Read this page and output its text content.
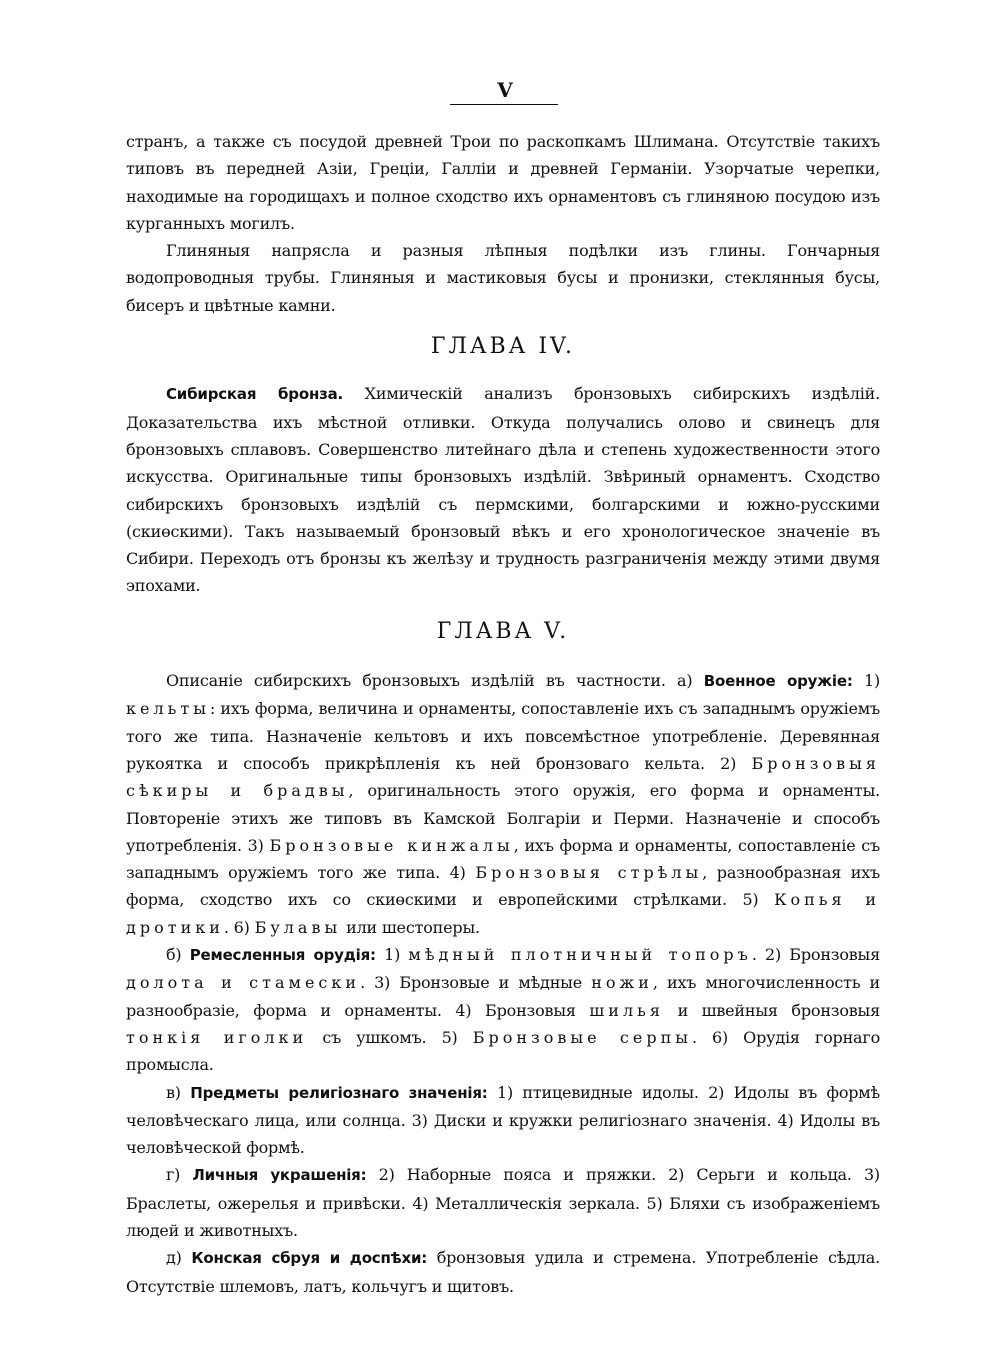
V

странъ, а также съ посудой древней Трои по раскопкамъ Шлимана. Отсутствіе такихъ типовъ въ передней Азіи, Греціи, Галліи и древней Германіи. Узорчатые черепки, находимые на городищахъ и полное сходство ихъ орнаментовъ съ глиняною посудою изъ курганныхъ могилъ.

Глиняныя напрясла и разныя лѣпныя подѣлки изъ глины. Гончарныя водопроводныя трубы. Глиняныя и мастиковыя бусы и пронизки, стеклянныя бусы, бисеръ и цвѣтные камни.

ГЛАВА IV.

Сибирская бронза. Химическій анализъ бронзовыхъ сибирскихъ издѣлій. Доказательства ихъ мѣстной отливки. Откуда получались олово и свинецъ для бронзовыхъ сплавовъ. Совершенство литейнаго дѣла и степень художественности этого искусства. Оригинальные типы бронзовыхъ издѣлій. Звѣриный орнаментъ. Сходство сибирскихъ бронзовыхъ издѣлій съ пермскими, болгарскими и южно-русскими (скиөскими). Такъ называемый бронзовый вѣкъ и его хронологическое значеніе въ Сибири. Переходъ отъ бронзы къ желѣзу и трудность разграниченія между этими двумя эпохами.

ГЛАВА V.

Описаніе сибирскихъ бронзовыхъ издѣлій въ частности. а) Военное оружіе: 1) кельты: ихъ форма, величина и орнаменты, сопоставленіе ихъ съ западнымъ оружіемъ того же типа. Назначеніе кельтовъ и ихъ повсемѣстное употребленіе. Деревянная рукоятка и способъ прикрѣпленія къ ней бронзоваго кельта. 2) Бронзовыя сѣкиры и брадвы, оригинальность этого оружія, его форма и орнаменты. Повтореніе этихъ же типовъ въ Камской Болгаріи и Перми. Назначеніе и способъ употребленія. 3) Бронзовые кинжалы, ихъ форма и орнаменты, сопоставленіе съ западнымъ оружіемъ того же типа. 4) Бронзовыя стрѣлы, разнообразная ихъ форма, сходство ихъ со скиөскими и европейскими стрѣлками. 5) Копья и дротики. 6) Булавы или шестоперы.

б) Ремесленныя орудія: 1) мѣдный плотничный топоръ. 2) Бронзовыя долота и стамески. 3) Бронзовые и мѣдные ножи, ихъ многочисленность и разнообразіе, форма и орнаменты. 4) Бронзовыя шилья и швейныя бронзовыя тонкія иголки съ ушкомъ. 5) Бронзовые серпы. 6) Орудія горнаго промысла.

в) Предметы религіознаго значенія: 1) птицевидные идолы. 2) Идолы въ формѣ человѣческаго лица, или солнца. 3) Диски и кружки религіознаго значенія. 4) Идолы въ человѣческой формѣ.

г) Личныя украшенія: 2) Наборные пояса и пряжки. 2) Серьги и кольца. 3) Браслеты, ожерелья и привѣски. 4) Металлическія зеркала. 5) Бляхи съ изображеніемъ людей и животныхъ.

д) Конская сбруя и доспѣхи: бронзовыя удила и стремена. Употребленіе сѣдла. Отсутствіе шлемовъ, латъ, кольчугъ и щитовъ.
